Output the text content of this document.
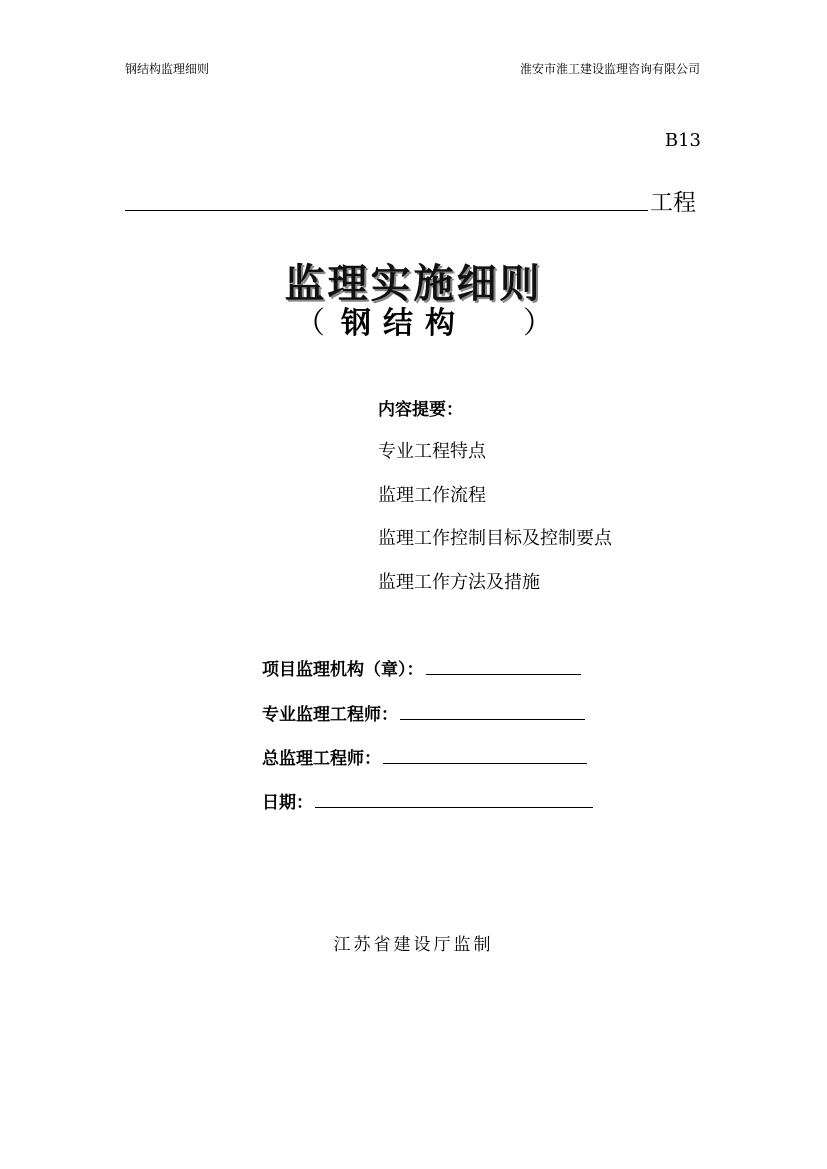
钢结构监理细则	淮安市淮工建设监理咨询有限公司
B13
工程
监理实施细则
（ 钢结构 ）
内容提要：
专业工程特点
监理工作流程
监理工作控制目标及控制要点
监理工作方法及措施
项目监理机构（章）：
专业监理工程师：
总监理工程师：
日期：
江苏省建设厅监制
